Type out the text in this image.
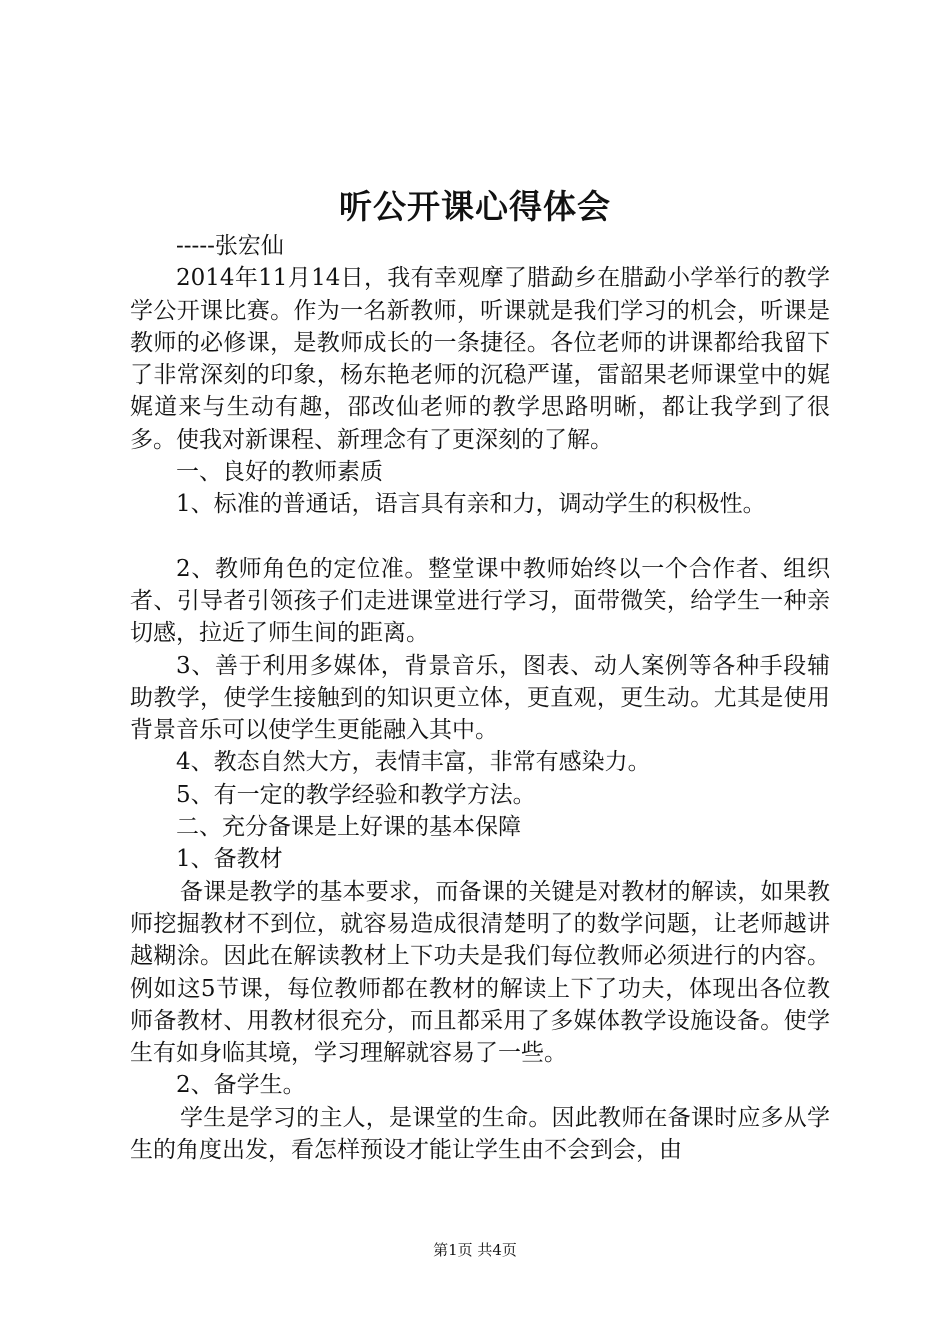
听公开课心得体会

-----张宏仙

2014年11月14日，我有幸观摩了腊勐乡在腊勐小学举行的教学学公开课比赛。作为一名新教师，听课就是我们学习的机会，听课是教师的必修课，是教师成长的一条捷径。各位老师的讲课都给我留下了非常深刻的印象，杨东艳老师的沉稳严谨，雷韶果老师课堂中的娓娓道来与生动有趣，邵改仙老师的教学思路明晰，都让我学到了很多。使我对新课程、新理念有了更深刻的了解。

一、良好的教师素质

1、标准的普通话，语言具有亲和力，调动学生的积极性。

2、教师角色的定位准。整堂课中教师始终以一个合作者、组织者、引导者引领孩子们走进课堂进行学习，面带微笑，给学生一种亲切感，拉近了师生间的距离。

3、善于利用多媒体，背景音乐，图表、动人案例等各种手段辅助教学，使学生接触到的知识更立体，更直观，更生动。尤其是使用背景音乐可以使学生更能融入其中。

4、教态自然大方，表情丰富，非常有感染力。

5、有一定的教学经验和教学方法。

二、充分备课是上好课的基本保障

1、备教材

备课是教学的基本要求，而备课的关键是对教材的解读，如果教师挖掘教材不到位，就容易造成很清楚明了的数学问题，让老师越讲越糊涂。因此在解读教材上下功夫是我们每位教师必须进行的内容。例如这5节课，每位教师都在教材的解读上下了功夫，体现出各位教师备教材、用教材很充分，而且都采用了多媒体教学设施设备。使学生有如身临其境，学习理解就容易了一些。

2、备学生。

学生是学习的主人，是课堂的生命。因此教师在备课时应多从学生的角度出发，看怎样预设才能让学生由不会到会，由

第1页 共4页
